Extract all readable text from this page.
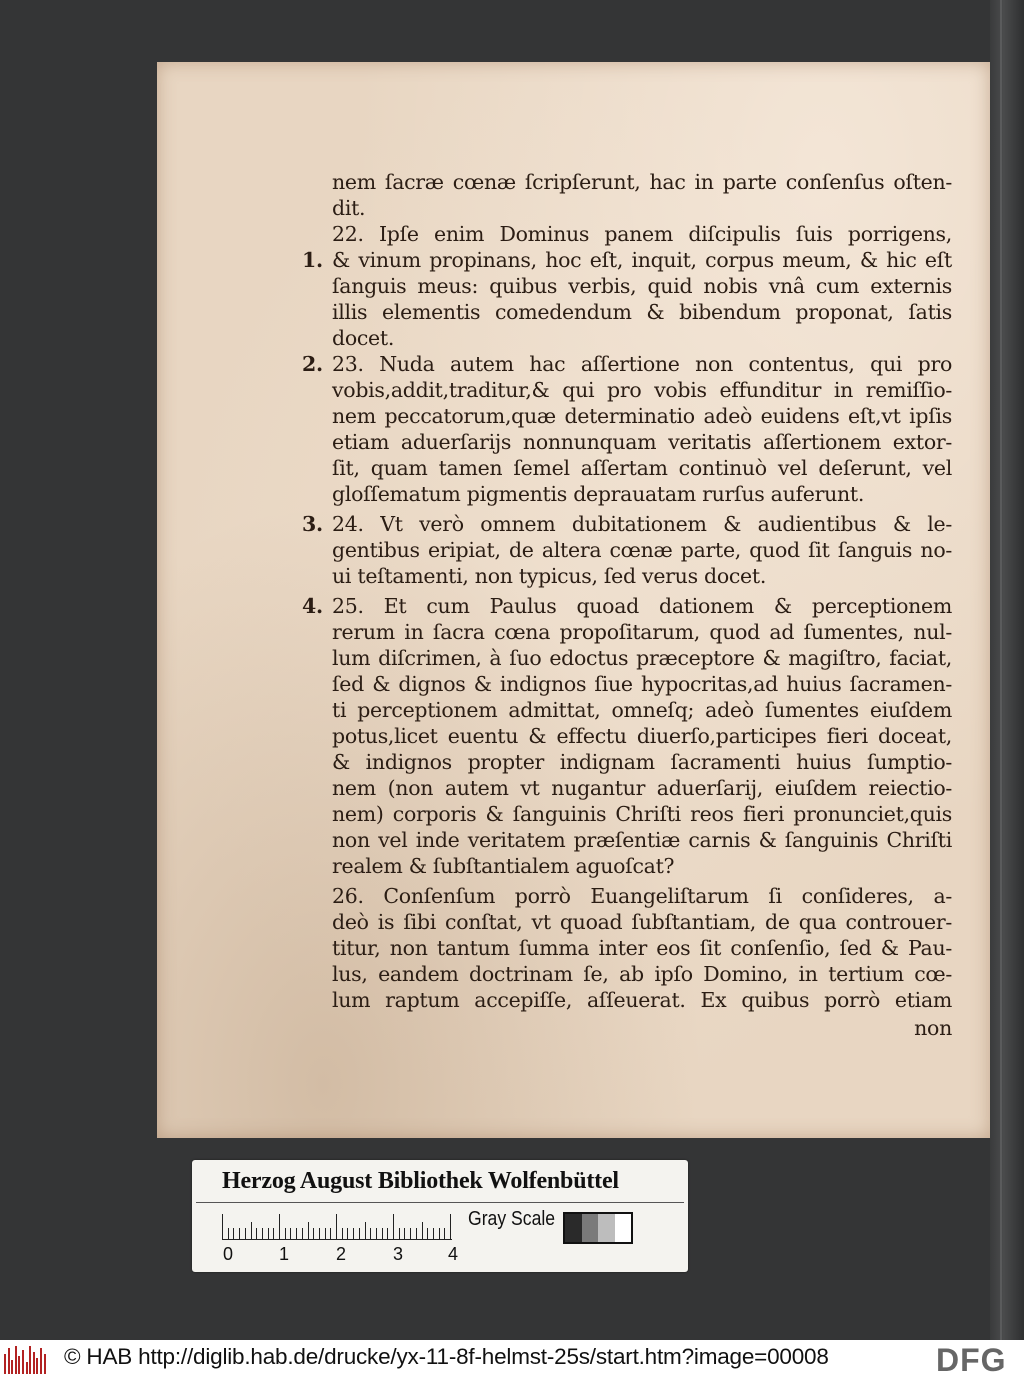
nem ſacræ cœnæ ſcripſerunt, hac in parte conſenſus oſten-
dit.
22. Ipſe enim Dominus panem diſcipulis ſuis porrigens,
& vinum propinans, hoc eſt, inquit, corpus meum, & hic eſt
ſanguis meus: quibus verbis, quid nobis vnâ cum externis
illis elementis comedendum & bibendum proponat, ſatis
docet.
23. Nuda autem hac aſſertione non contentus, qui pro
vobis,addit,traditur,& qui pro vobis effunditur in remiſſio-
nem peccatorum,quæ determinatio adeò euidens eſt,vt ipſis
etiam aduerſarijs nonnunquam veritatis aſſertionem extor-
ſit, quam tamen ſemel aſſertam continuò vel deſerunt, vel
gloſſematum pigmentis deprauatam rurſus auferunt.
24. Vt verò omnem dubitationem & audientibus & le-
gentibus eripiat, de altera cœnæ parte, quod ſit ſanguis no-
ui teſtamenti, non typicus, ſed verus docet.
25. Et cum Paulus quoad dationem & perceptionem
rerum in ſacra cœna propoſitarum, quod ad ſumentes, nul-
lum diſcrimen, à ſuo edoctus præceptore & magiſtro, faciat,
ſed & dignos & indignos ſiue hypocritas,ad huius ſacramen-
ti perceptionem admittat, omneſq; adeò ſumentes eiuſdem
potus,licet euentu & effectu diuerſo,participes fieri doceat,
& indignos propter indignam ſacramenti huius ſumptio-
nem (non autem vt nugantur aduerſarij, eiuſdem reiectio-
nem) corporis & ſanguinis Chriſti reos fieri pronunciet,quis
non vel inde veritatem præſentiæ carnis & ſanguinis Chriſti
realem & ſubſtantialem aguoſcat?
26. Conſenſum porrò Euangeliſtarum ſi conſideres, a-
deò is ſibi conſtat, vt quoad ſubſtantiam, de qua controuer-
titur, non tantum ſumma inter eos ſit conſenſio, ſed & Pau-
lus, eandem doctrinam ſe, ab ipſo Domino, in tertium cœ-
lum raptum accepiſſe, aſſeuerat. Ex quibus porrò etiam
non
1.
2.
3.
4.
Herzog August Bibliothek Wolfenbüttel
0	1	2	3 4
Gray Scale
© HAB http://diglib.hab.de/drucke/yx-11-8f-helmst-25s/start.htm?image=00008	DFG
